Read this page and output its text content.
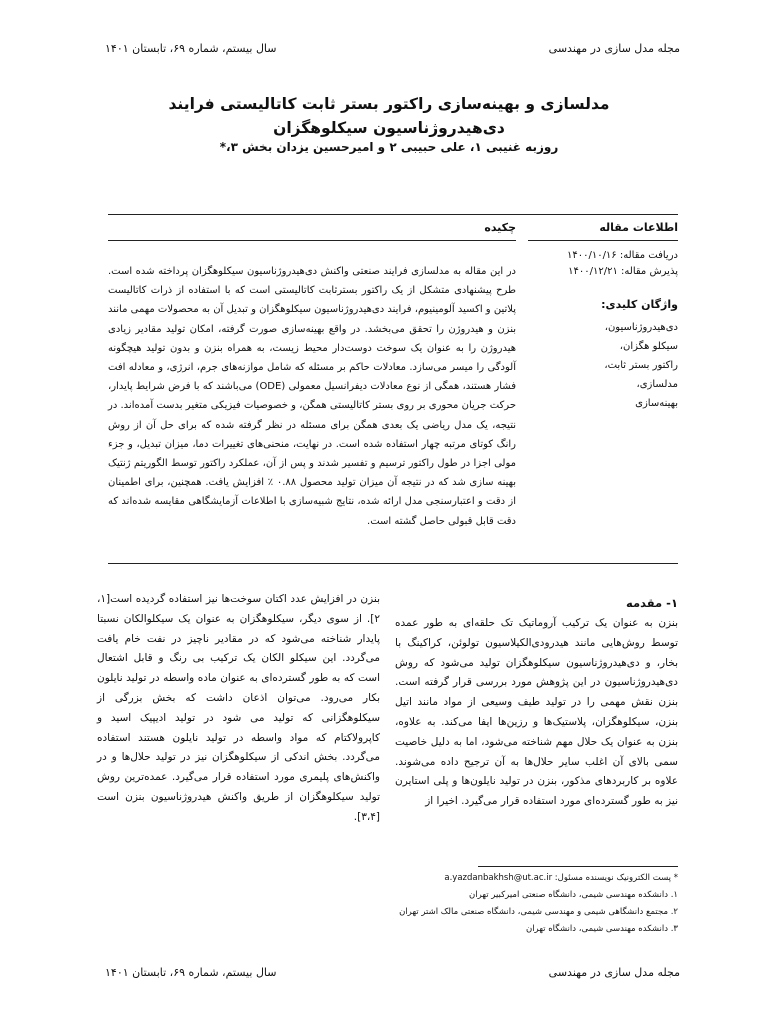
مجله مدل سازی در مهندسی
سال بیستم، شماره ۶۹، تابستان ۱۴۰۱
مدلسازی و بهینه‌سازی راکتور بستر ثابت کاتالیستی فرایند دی‌هیدروژناسیون سیکلوهگزان
روزبه غنیبی ۱، علی حبیبی ۲ و امیرحسین یزدان بخش ۳،*
اطلاعات مقاله
دریافت مقاله: ۱۴۰۰/۱۰/۱۶
پذیرش مقاله: ۱۴۰۰/۱۲/۲۱
واژگان کلیدی:
دی‌هیدروژناسیون،
سیکلو هگزان،
راکتور بستر ثابت،
مدلسازی،
بهینه‌سازی
چکیده

در این مقاله به مدلسازی فرایند صنعتی واکنش دی‌هیدروژناسیون سیکلوهگزان پرداخته شده است. طرح پیشنهادی متشکل از یک راکتور بسترثابت کاتالیستی است که با استفاده از ذرات کاتالیست پلاتین و اکسید آلومینیوم، فرایند دی‌هیدروژناسیون سیکلوهگزان و تبدیل آن به محصولات مهمی مانند بنزن و هیدروژن را تحقق می‌بخشد. در واقع بهینه‌سازی صورت گرفته، امکان تولید مقادیر زیادی هیدروژن را به عنوان یک سوخت دوست‌دار محیط زیست، به همراه بنزن و بدون تولید هیچگونه آلودگی را میسر می‌سازد. معادلات حاکم بر مسئله که شامل موازنه‌های جرم، انرژی، و معادله افت فشار هستند، همگی از نوع معادلات دیفرانسیل معمولی (ODE) می‌باشند که با فرض شرایط پایدار، حرکت جریان محوری بر روی بستر کاتالیستی همگن، و خصوصیات فیزیکی متغیر بدست آمده‌اند. در نتیجه، یک مدل ریاضی یک بعدی همگن برای مسئله در نظر گرفته شده که برای حل آن از روش رانگ کوتای مرتبه چهار استفاده شده است. در نهایت، منحنی‌های تغییرات دما، میزان تبدیل، و جزء مولی اجزا در طول راکتور ترسیم و تفسیر شدند و پس از آن، عملکرد راکتور توسط الگوریتم ژنتیک بهینه سازی شد که در نتیجه آن میزان تولید محصول ۰.۸۸ ٪ افزایش یافت. همچنین، برای اطمینان از دقت و اعتبارسنجی مدل ارائه شده، نتایج شبیه‌سازی با اطلاعات آزمایشگاهی مقایسه شده‌اند که دقت قابل قبولی حاصل گشته است.

۱- مقدمه

بنزن به عنوان یک ترکیب آروماتیک تک حلقه‌ای به طور عمده توسط روش‌هایی مانند هیدرودی‌الکیلاسیون تولوئن، کراکینگ با بخار، و دی‌هیدروژناسیون سیکلوهگزان تولید می‌شود که روش دی‌هیدروژناسیون در این پژوهش مورد بررسی قرار گرفته است. بنزن نقش مهمی را در تولید طیف وسیعی از مواد مانند اتیل بنزن، سیکلوهگزان، پلاستیک‌ها و رزین‌ها ایفا می‌کند. به علاوه، بنزن به عنوان یک حلال مهم شناخته می‌شود، اما به دلیل خاصیت سمی بالای آن اغلب سایر حلال‌ها به آن ترجیح داده می‌شوند. علاوه بر کاربردهای مذکور، بنزن در تولید نایلون‌ها و پلی استایرن نیز به طور گسترده‌ای مورد استفاده قرار می‌گیرد. اخیرا از

بنزن در افزایش عدد اکتان سوخت‌ها نیز استفاده گردیده است[۱، ۲]. از سوی دیگر، سیکلوهگزان به عنوان یک سیکلوالکان نسبتا پایدار شناخته می‌شود که در مقادیر ناچیز در نفت خام یافت می‌گردد. این سیکلو الکان یک ترکیب بی رنگ و قابل اشتعال است که به طور گسترده‌ای به عنوان ماده واسطه در تولید نایلون بکار می‌رود. می‌توان اذعان داشت که بخش بزرگی از سیکلوهگزانی که تولید می شود در تولید ادیپیک اسید و کاپرولاکتام که مواد واسطه در تولید نایلون هستند استفاده می‌گردد. بخش اندکی از سیکلوهگزان نیز در تولید حلال‌ها و در واکنش‌های پلیمری مورد استفاده قرار می‌گیرد. عمده‌ترین روش تولید سیکلوهگزان از طریق واکنش هیدروژناسیون بنزن است [۳،۴].

* پست الکترونیک نویسنده مسئول: a.yazdanbakhsh@ut.ac.ir
۱. دانشکده مهندسی شیمی، دانشگاه صنعتی امیرکبیر تهران
۲. مجتمع دانشگاهی شیمی و مهندسی شیمی، دانشگاه صنعتی مالک اشتر تهران
۳. دانشکده مهندسی شیمی، دانشگاه تهران
مجله مدل سازی در مهندسی
سال بیستم، شماره ۶۹، تابستان ۱۴۰۱
